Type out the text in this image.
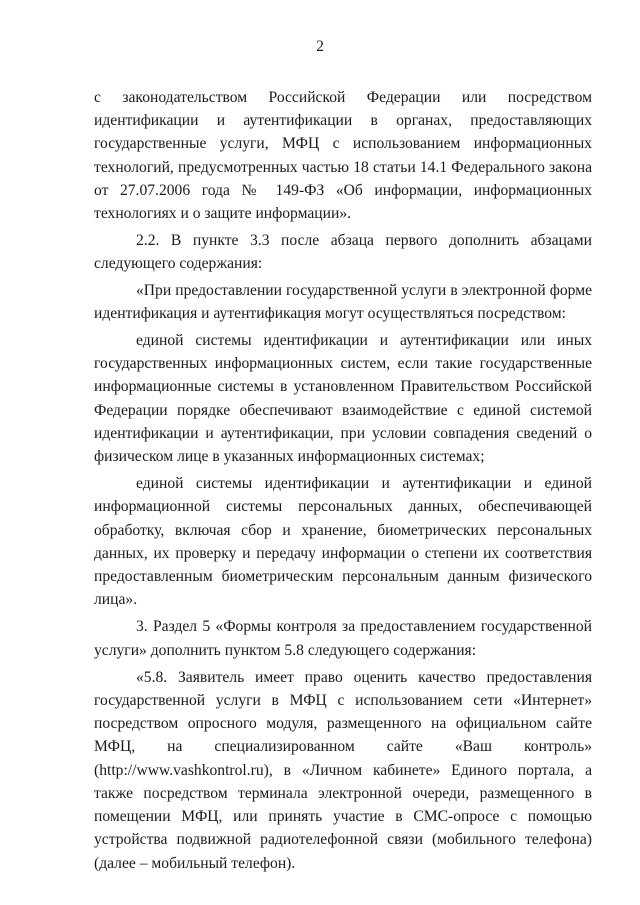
2

с законодательством Российской Федерации или посредством идентификации и аутентификации в органах, предоставляющих государственные услуги, МФЦ с использованием информационных технологий, предусмотренных частью 18 статьи 14.1 Федерального закона от 27.07.2006 года № 149-ФЗ «Об информации, информационных технологиях и о защите информации».

2.2. В пункте 3.3 после абзаца первого дополнить абзацами следующего содержания:

«При предоставлении государственной услуги в электронной форме идентификация и аутентификация могут осуществляться посредством:

единой системы идентификации и аутентификации или иных государственных информационных систем, если такие государственные информационные системы в установленном Правительством Российской Федерации порядке обеспечивают взаимодействие с единой системой идентификации и аутентификации, при условии совпадения сведений о физическом лице в указанных информационных системах;

единой системы идентификации и аутентификации и единой информационной системы персональных данных, обеспечивающей обработку, включая сбор и хранение, биометрических персональных данных, их проверку и передачу информации о степени их соответствия предоставленным биометрическим персональным данным физического лица».

3. Раздел 5 «Формы контроля за предоставлением государственной услуги» дополнить пунктом 5.8 следующего содержания:

«5.8. Заявитель имеет право оценить качество предоставления государственной услуги в МФЦ с использованием сети «Интернет» посредством опросного модуля, размещенного на официальном сайте МФЦ, на специализированном сайте «Ваш контроль» (http://www.vashkontrol.ru), в «Личном кабинете» Единого портала, а также посредством терминала электронной очереди, размещенного в помещении МФЦ, или принять участие в СМС-опросе с помощью устройства подвижной радиотелефонной связи (мобильного телефона) (далее – мобильный телефон).
